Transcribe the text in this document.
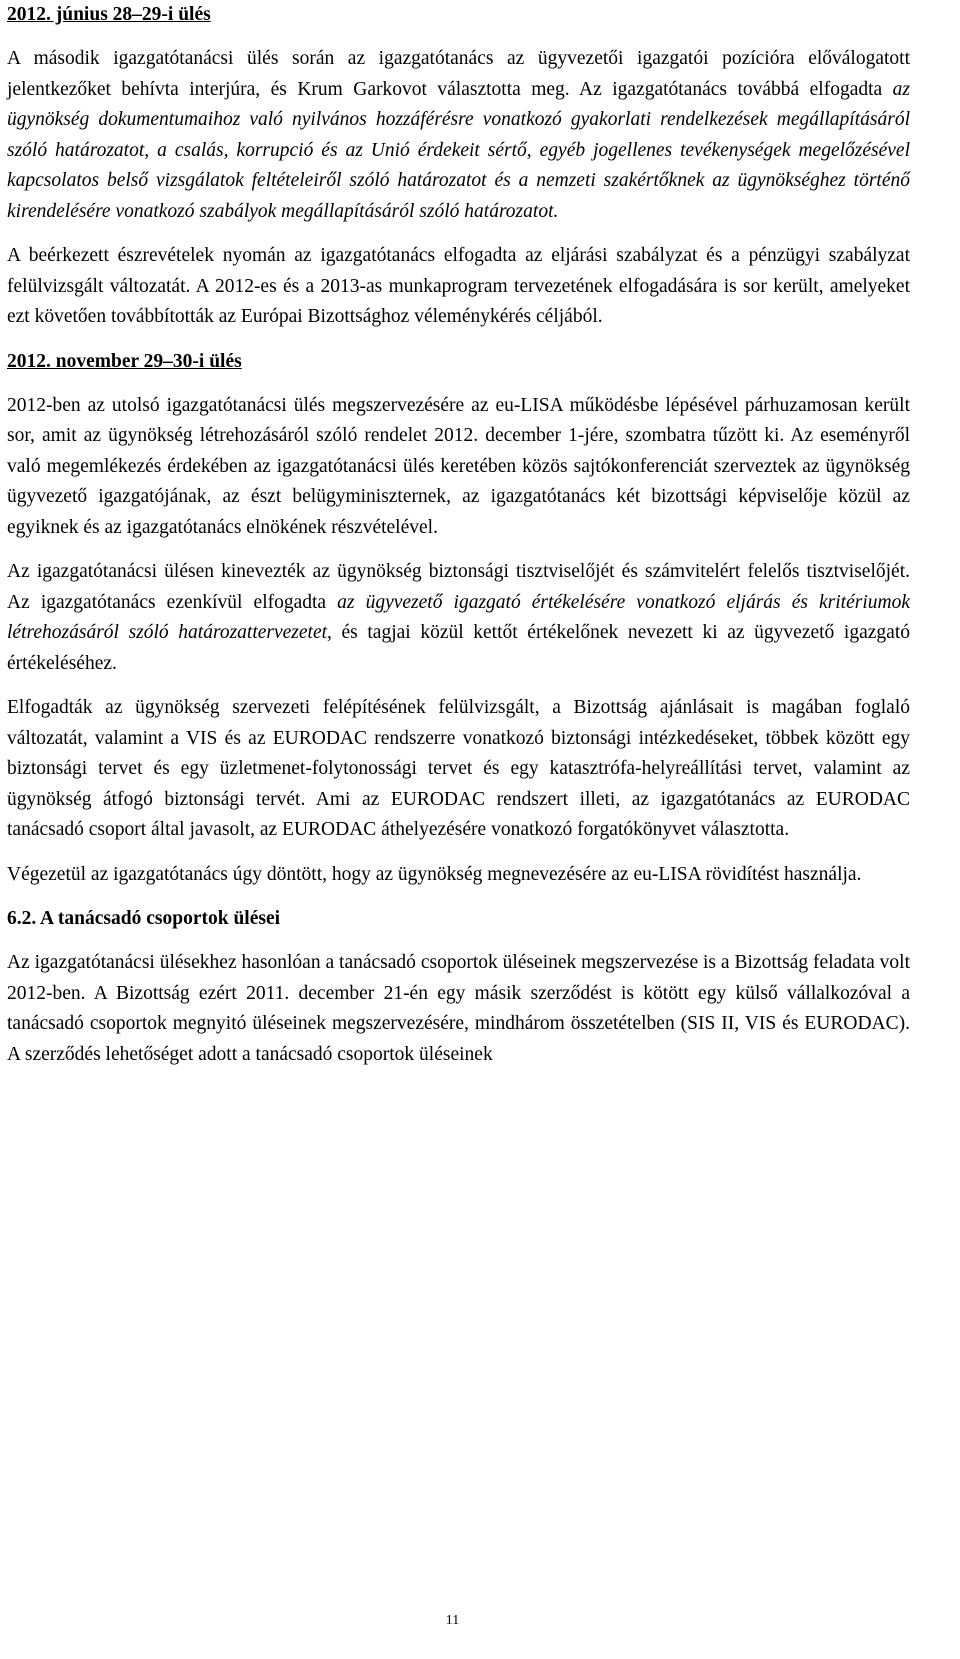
2012. június 28–29-i ülés

A második igazgatótanácsi ülés során az igazgatótanács az ügyvezetői igazgatói pozícióra előválogatott jelentkezőket behívta interjúra, és Krum Garkovot választotta meg. Az igazgatótanács továbbá elfogadta az ügynökség dokumentumaihoz való nyilvános hozzáférésre vonatkozó gyakorlati rendelkezések megállapításáról szóló határozatot, a csalás, korrupció és az Unió érdekeit sértő, egyéb jogellenes tevékenységek megelőzésével kapcsolatos belső vizsgálatok feltételeiről szóló határozatot és a nemzeti szakértőknek az ügynökséghez történő kirendelésére vonatkozó szabályok megállapításáról szóló határozatot.

A beérkezett észrevételek nyomán az igazgatótanács elfogadta az eljárási szabályzat és a pénzügyi szabályzat felülvizsgált változatát. A 2012-es és a 2013-as munkaprogram tervezetének elfogadására is sor került, amelyeket ezt követően továbbították az Európai Bizottsághoz véleménykérés céljából.

2012. november 29–30-i ülés

2012-ben az utolsó igazgatótanácsi ülés megszervezésére az eu-LISA működésbe lépésével párhuzamosan került sor, amit az ügynökség létrehozásáról szóló rendelet 2012. december 1-jére, szombatra tűzött ki. Az eseményről való megemlékezés érdekében az igazgatótanácsi ülés keretében közös sajtókonferenciát szerveztek az ügynökség ügyvezető igazgatójának, az észt belügyminiszternek, az igazgatótanács két bizottsági képviselője közül az egyiknek és az igazgatótanács elnökének részvételével.

Az igazgatótanácsi ülésen kinevezték az ügynökség biztonsági tisztviselőjét és számvitelért felelős tisztviselőjét. Az igazgatótanács ezenkívül elfogadta az ügyvezető igazgató értékelésére vonatkozó eljárás és kritériumok létrehozásáról szóló határozattervezetet, és tagjai közül kettőt értékelőnek nevezett ki az ügyvezető igazgató értékeléséhez.

Elfogadták az ügynökség szervezeti felépítésének felülvizsgált, a Bizottság ajánlásait is magában foglaló változatát, valamint a VIS és az EURODAC rendszerre vonatkozó biztonsági intézkedéseket, többek között egy biztonsági tervet és egy üzletmenet-folytonossági tervet és egy katasztrófa-helyreállítási tervet, valamint az ügynökség átfogó biztonsági tervét. Ami az EURODAC rendszert illeti, az igazgatótanács az EURODAC tanácsadó csoport által javasolt, az EURODAC áthelyezésére vonatkozó forgatókönyvet választotta.

Végezetül az igazgatótanács úgy döntött, hogy az ügynökség megnevezésére az eu-LISA rövidítést használja.

6.2. A tanácsadó csoportok ülései

Az igazgatótanácsi ülésekhez hasonlóan a tanácsadó csoportok üléseinek megszervezése is a Bizottság feladata volt 2012-ben. A Bizottság ezért 2011. december 21-én egy másik szerződést is kötött egy külső vállalkozóval a tanácsadó csoportok megnyitó üléseinek megszervezésére, mindhárom összetételben (SIS II, VIS és EURODAC). A szerződés lehetőséget adott a tanácsadó csoportok üléseinek

11
